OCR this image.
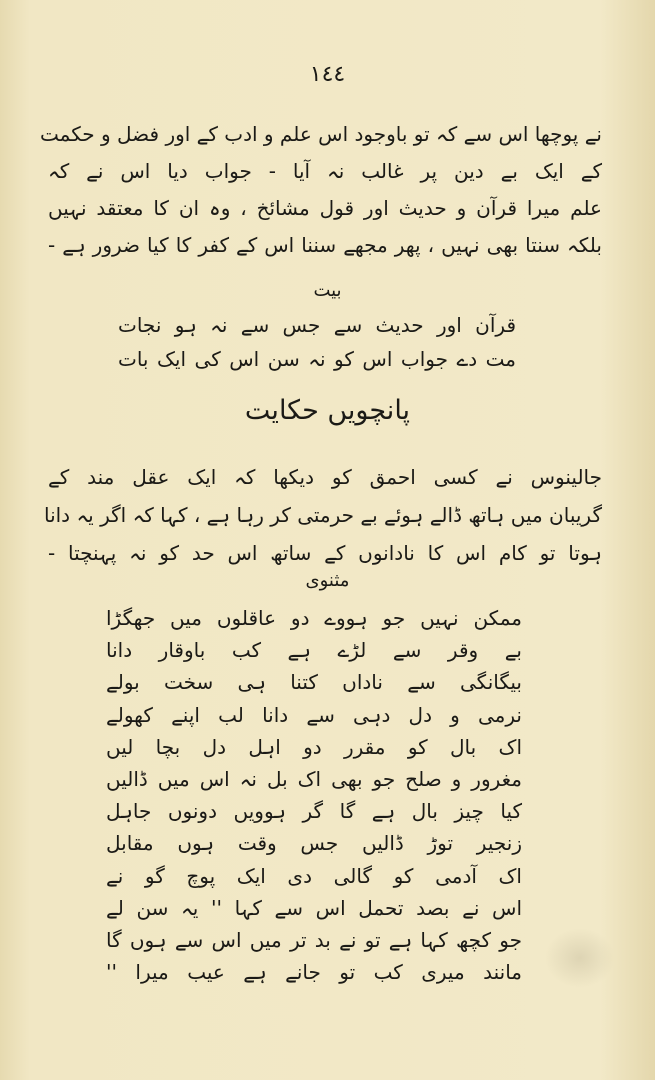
١٤٤
نے پوچھا اس سے کہ تو باوجود اس علم و ادب کے اور فضل و حکمت
کے ایک بے دین پر غالب نہ آیا - جواب دیا اس نے کہ
علم میرا قرآن و حدیث اور قول مشائخ ، وہ ان کا معتقد نہیں
بلکہ سنتا بھی نہیں ، پھر مجھے سننا اس کے کفر کا کیا ضرور ہے -
بیت
قرآن اور حدیث سے جس سے نہ ہو نجات
مت دے جواب اس کو نہ سن اس کی ایک بات
پانچویں حکایت
جالینوس نے کسی احمق کو دیکھا کہ ایک عقل مند کے
گریبان میں ہاتھ ڈالے ہوئے بے حرمتی کر رہا ہے ، کہا کہ اگر یہ دانا
ہوتا تو کام اس کا نادانوں کے ساتھ اس حد کو نہ پہنچتا -
مثنوی
ممکن نہیں جو ہووے دو عاقلوں میں جھگڑا
بے وقر سے لڑے ہے کب باوقار دانا
بیگانگی سے ناداں کتنا ہی سخت بولے
نرمی و دل دہی سے دانا لب اپنے کھولے
اک بال کو مقرر دو اہل دل بچا لیں
مغرور و صلح جو بھی اک بل نہ اس میں ڈالیں
کیا چیز بال ہے گا گر ہوویں دونوں جاہل
زنجیر توڑ ڈالیں جس وقت ہوں مقابل
اک آدمی کو گالی دی ایک پوچ گو نے
اس نے بصد تحمل اس سے کہا '' یہ سن لے
جو کچھ کہا ہے تو نے بد تر میں اس سے ہوں گا
مانند میری کب تو جانے ہے عیب میرا ''
